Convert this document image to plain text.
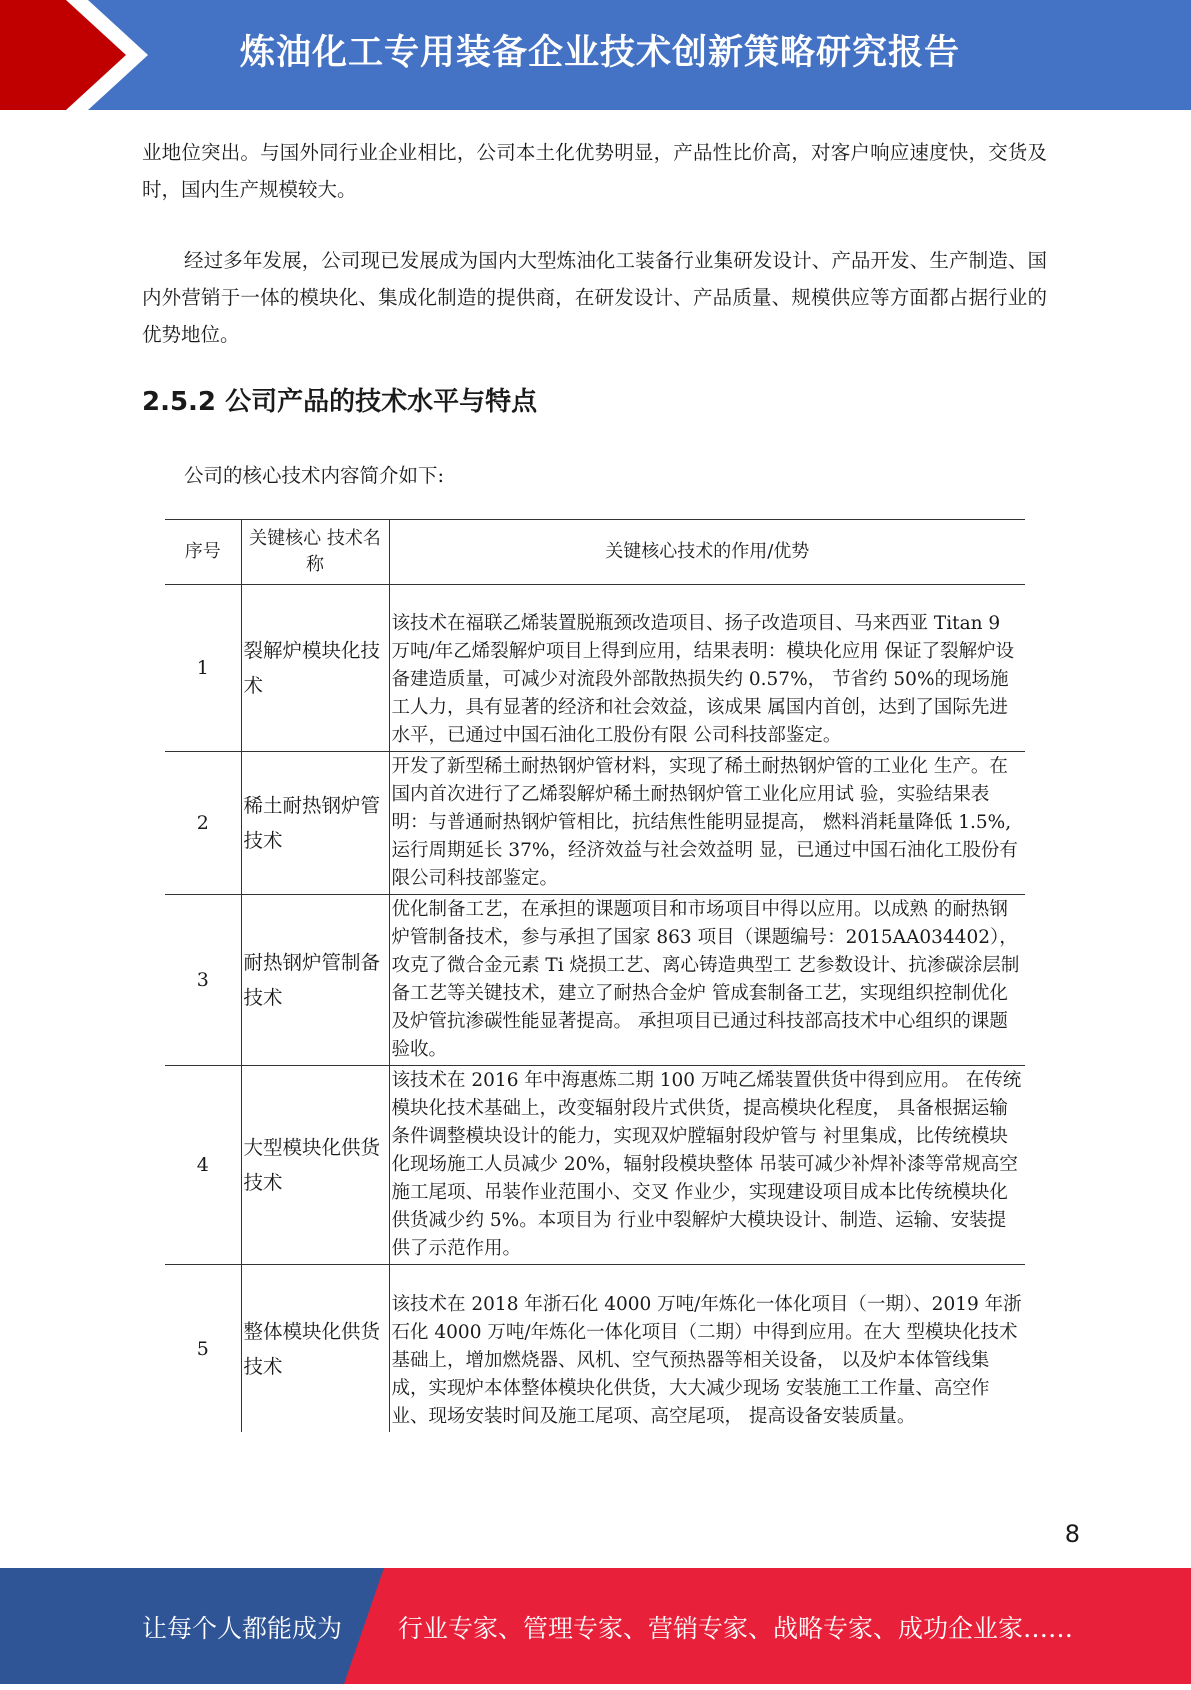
炼油化工专用装备企业技术创新策略研究报告

业地位突出。与国外同行业企业相比，公司本土化优势明显，产品性比价高，对客户响应速度快，交货及时，国内生产规模较大。

经过多年发展，公司现已发展成为国内大型炼油化工装备行业集研发设计、产品开发、生产制造、国内外营销于一体的模块化、集成化制造的提供商，在研发设计、产品质量、规模供应等方面都占据行业的优势地位。

2.5.2 公司产品的技术水平与特点

公司的核心技术内容简介如下:

序号	关键核心 技术名称	关键核心技术的作用/优势
1	裂解炉模块化技术	该技术在福联乙烯装置脱瓶颈改造项目、扬子改造项目、马来西亚 Titan 9 万吨/年乙烯裂解炉项目上得到应用，结果表明：模块化应用 保证了裂解炉设备建造质量，可减少对流段外部散热损失约 0.57%， 节省约 50%的现场施工人力，具有显著的经济和社会效益，该成果 属国内首创，达到了国际先进水平，已通过中国石油化工股份有限 公司科技部鉴定。
2	稀土耐热钢炉管技术	开发了新型稀土耐热钢炉管材料，实现了稀土耐热钢炉管的工业化 生产。在国内首次进行了乙烯裂解炉稀土耐热钢炉管工业化应用试 验，实验结果表明：与普通耐热钢炉管相比，抗结焦性能明显提高， 燃料消耗量降低 1.5%, 运行周期延长 37%，经济效益与社会效益明 显，已通过中国石油化工股份有限公司科技部鉴定。
3	耐热钢炉管制备技术	优化制备工艺，在承担的课题项目和市场项目中得以应用。以成熟 的耐热钢炉管制备技术，参与承担了国家 863 项目（课题编号：2015AA034402），攻克了微合金元素 Ti 烧损工艺、离心铸造典型工 艺参数设计、抗渗碳涂层制备工艺等关键技术，建立了耐热合金炉 管成套制备工艺，实现组织控制优化及炉管抗渗碳性能显著提高。 承担项目已通过科技部高技术中心组织的课题验收。
4	大型模块化供货技术	该技术在 2016 年中海惠炼二期 100 万吨乙烯装置供货中得到应用。 在传统模块化技术基础上，改变辐射段片式供货，提高模块化程度， 具备根据运输条件调整模块设计的能力，实现双炉膛辐射段炉管与 衬里集成，比传统模块化现场施工人员减少 20%，辐射段模块整体 吊装可减少补焊补漆等常规高空施工尾项、吊装作业范围小、交叉 作业少，实现建设项目成本比传统模块化供货减少约 5%。本项目为 行业中裂解炉大模块设计、制造、运输、安装提供了示范作用。
5	整体模块化供货技术	该技术在 2018 年浙石化 4000 万吨/年炼化一体化项目（一期）、2019 年浙石化 4000 万吨/年炼化一体化项目（二期）中得到应用。在大 型模块化技术基础上，增加燃烧器、风机、空气预热器等相关设备， 以及炉本体管线集成，实现炉本体整体模块化供货，大大减少现场 安装施工工作量、高空作业、现场安装时间及施工尾项、高空尾项， 提高设备安装质量。
8
让每个人都能成为 行业专家、管理专家、营销专家、战略专家、成功企业家……
